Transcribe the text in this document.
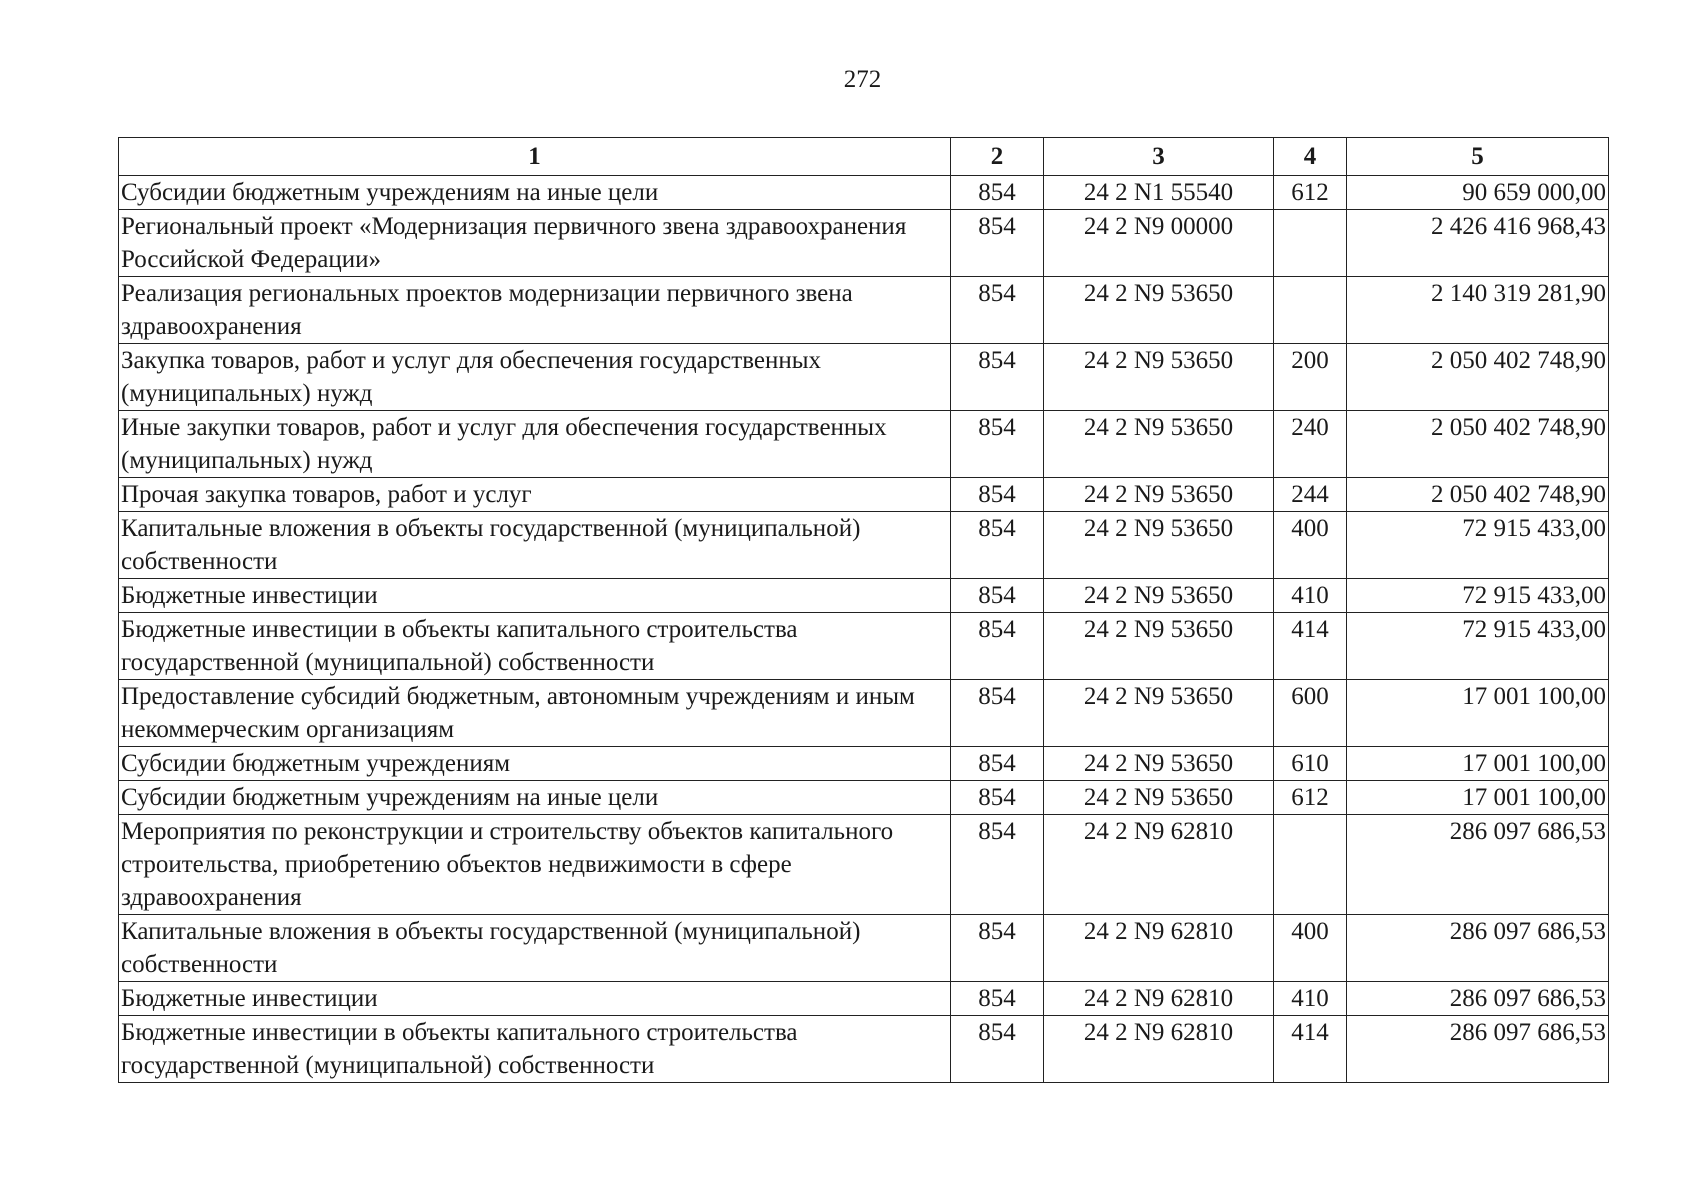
272
1	2	3	4	5
Субсидии бюджетным учреждениям на иные цели	854	24 2 N1 55540	612	90 659 000,00
Региональный проект «Модернизация первичного звена здравоохранения Российской Федерации»	854	24 2 N9 00000		2 426 416 968,43
Реализация региональных проектов модернизации первичного звена здравоохранения	854	24 2 N9 53650		2 140 319 281,90
Закупка товаров, работ и услуг для обеспечения государственных (муниципальных) нужд	854	24 2 N9 53650	200	2 050 402 748,90
Иные закупки товаров, работ и услуг для обеспечения государственных (муниципальных) нужд	854	24 2 N9 53650	240	2 050 402 748,90
Прочая закупка товаров, работ и услуг	854	24 2 N9 53650	244	2 050 402 748,90
Капитальные вложения в объекты государственной (муниципальной) собственности	854	24 2 N9 53650	400	72 915 433,00
Бюджетные инвестиции	854	24 2 N9 53650	410	72 915 433,00
Бюджетные инвестиции в объекты капитального строительства государственной (муниципальной) собственности	854	24 2 N9 53650	414	72 915 433,00
Предоставление субсидий бюджетным, автономным учреждениям и иным некоммерческим организациям	854	24 2 N9 53650	600	17 001 100,00
Субсидии бюджетным учреждениям	854	24 2 N9 53650	610	17 001 100,00
Субсидии бюджетным учреждениям на иные цели	854	24 2 N9 53650	612	17 001 100,00
Мероприятия по реконструкции и строительству объектов капитального строительства, приобретению объектов недвижимости в сфере здравоохранения	854	24 2 N9 62810		286 097 686,53
Капитальные вложения в объекты государственной (муниципальной) собственности	854	24 2 N9 62810	400	286 097 686,53
Бюджетные инвестиции	854	24 2 N9 62810	410	286 097 686,53
Бюджетные инвестиции в объекты капитального строительства государственной (муниципальной) собственности	854	24 2 N9 62810	414	286 097 686,53
